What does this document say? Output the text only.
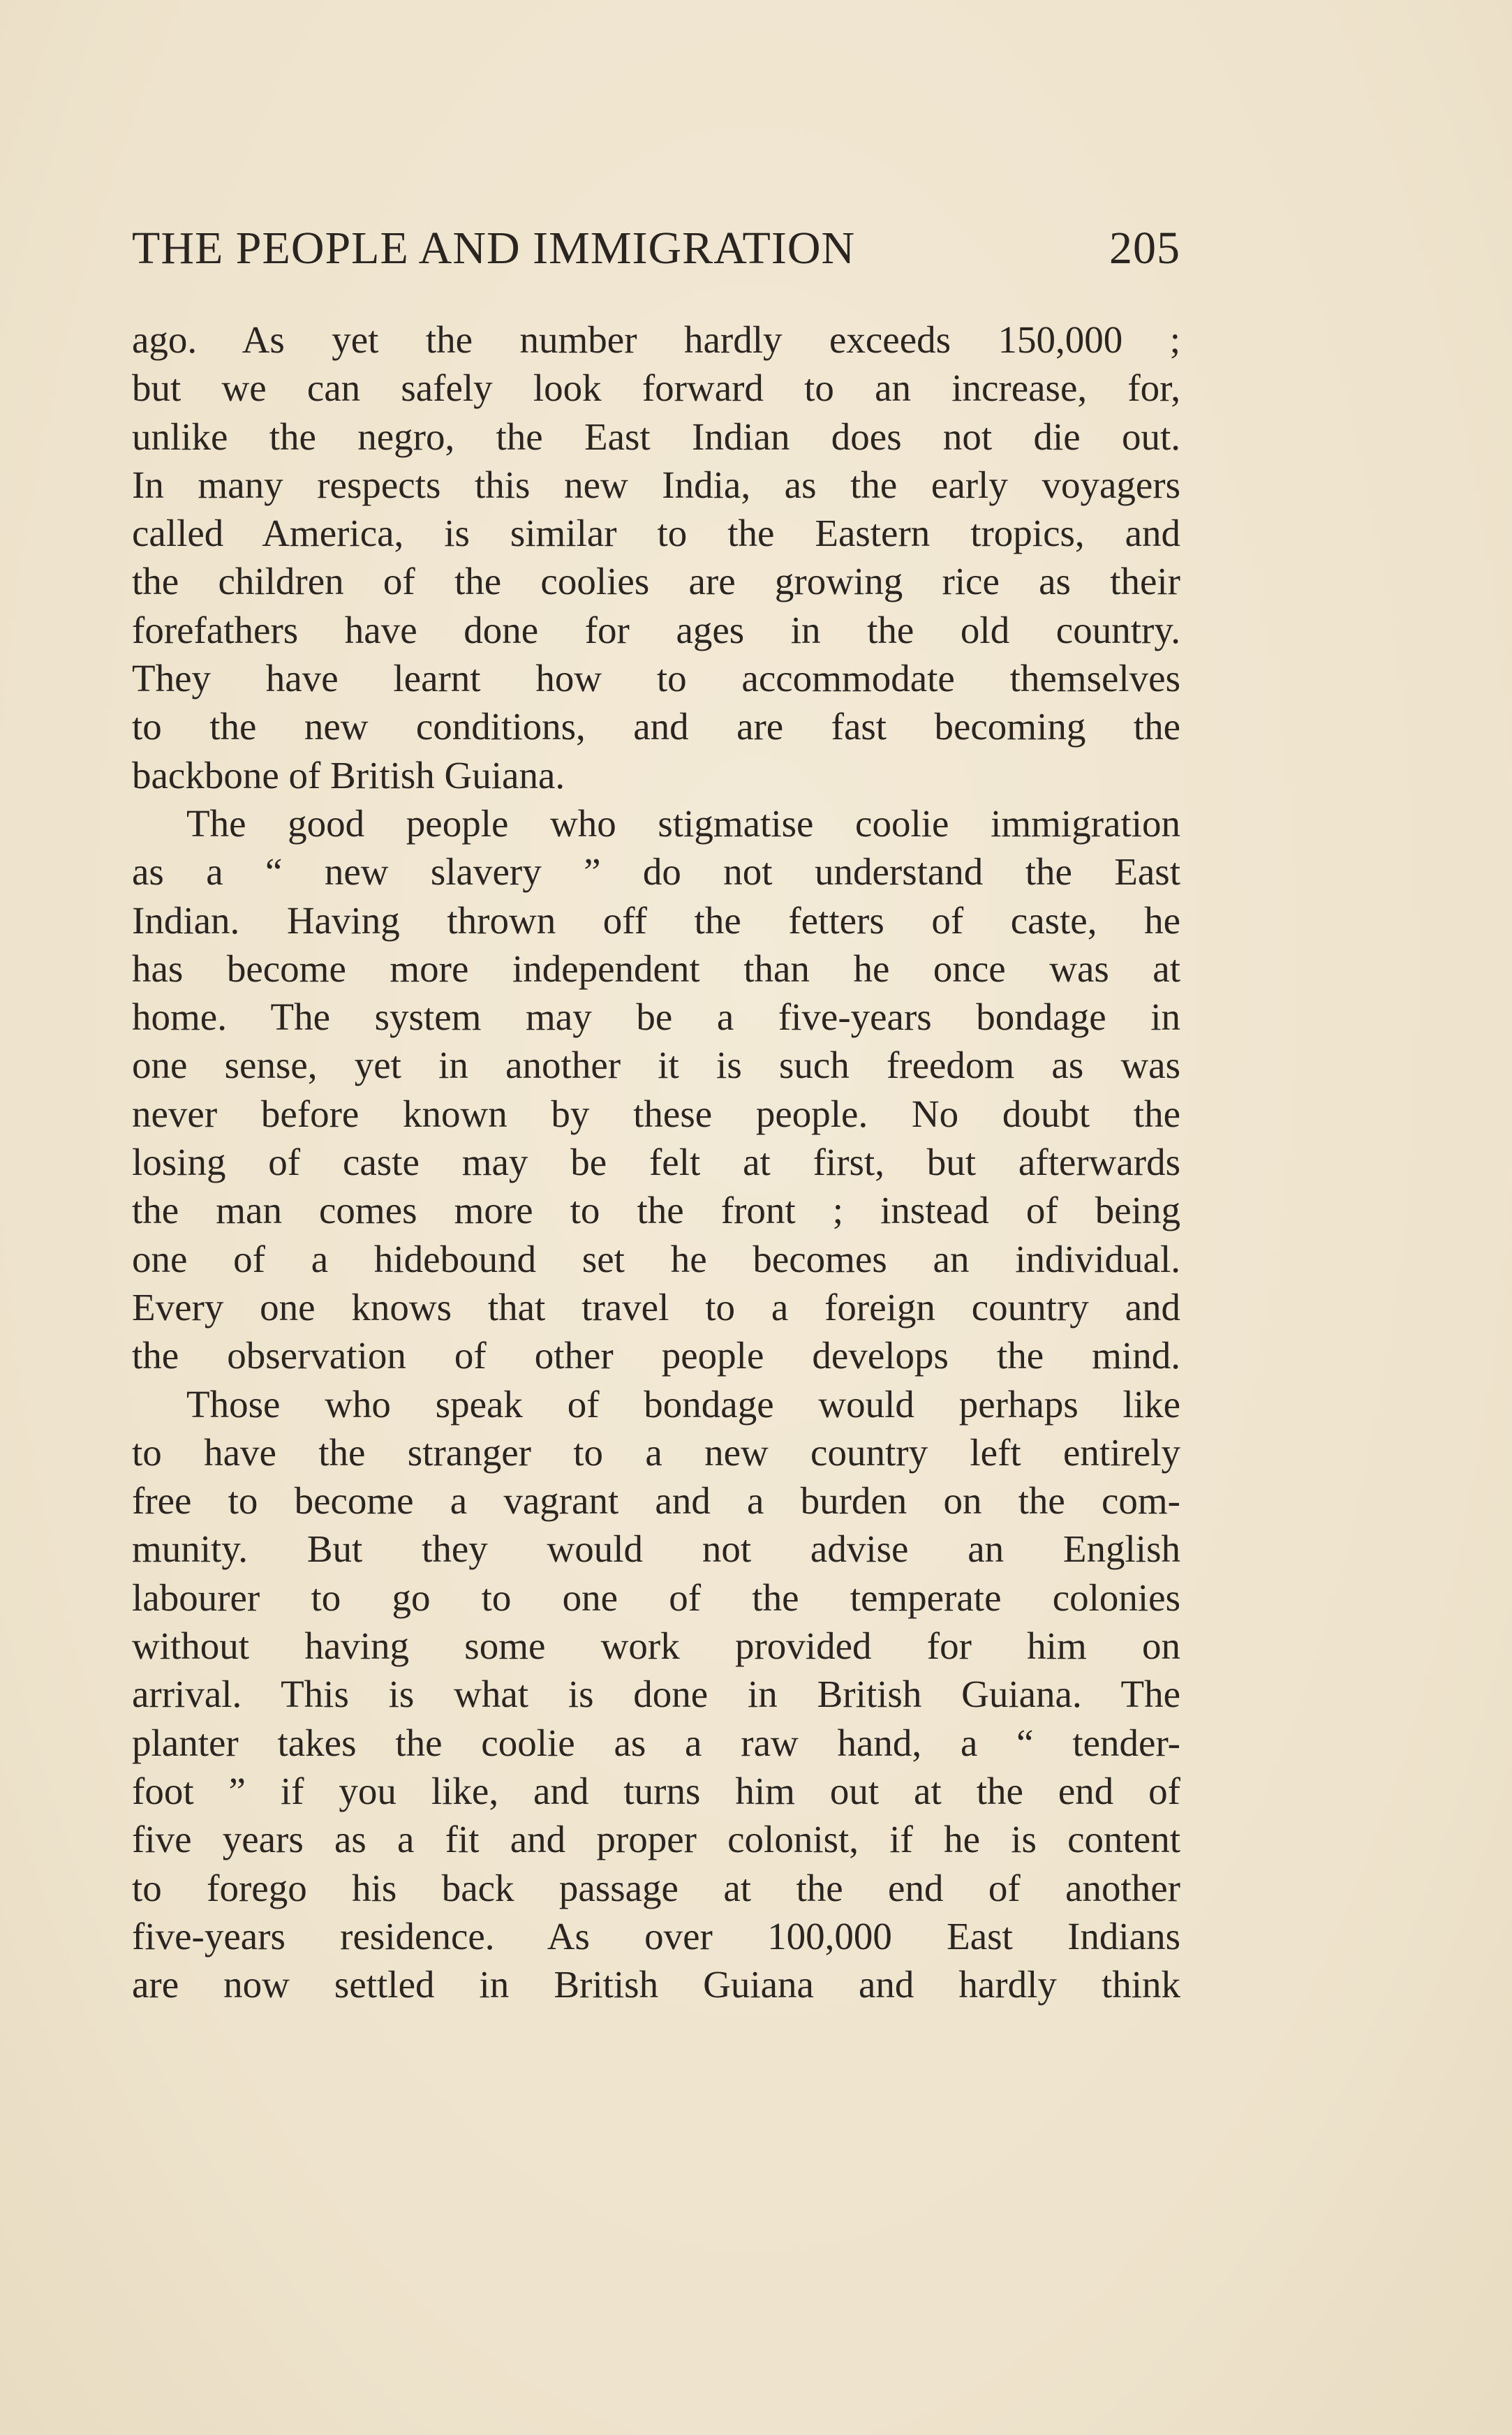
THE PEOPLE AND IMMIGRATION	205
ago. As yet the number hardly exceeds 150,000 ;
but we can safely look forward to an increase, for,
unlike the negro, the East Indian does not die out.
In many respects this new India, as the early voyagers
called America, is similar to the Eastern tropics, and
the children of the coolies are growing rice as their
forefathers have done for ages in the old country.
They have learnt how to accommodate themselves
to the new conditions, and are fast becoming the
backbone of British Guiana.
The good people who stigmatise coolie immigration
as a “ new slavery ” do not understand the East
Indian. Having thrown off the fetters of caste, he
has become more independent than he once was at
home. The system may be a five-years bondage in
one sense, yet in another it is such freedom as was
never before known by these people. No doubt the
losing of caste may be felt at first, but afterwards
the man comes more to the front ; instead of being
one of a hidebound set he becomes an individual.
Every one knows that travel to a foreign country and
the observation of other people develops the mind.
Those who speak of bondage would perhaps like
to have the stranger to a new country left entirely
free to become a vagrant and a burden on the com-
munity. But they would not advise an English
labourer to go to one of the temperate colonies
without having some work provided for him on
arrival. This is what is done in British Guiana. The
planter takes the coolie as a raw hand, a “ tender-
foot ” if you like, and turns him out at the end of
five years as a fit and proper colonist, if he is content
to forego his back passage at the end of another
five-years residence. As over 100,000 East Indians
are now settled in British Guiana and hardly think
